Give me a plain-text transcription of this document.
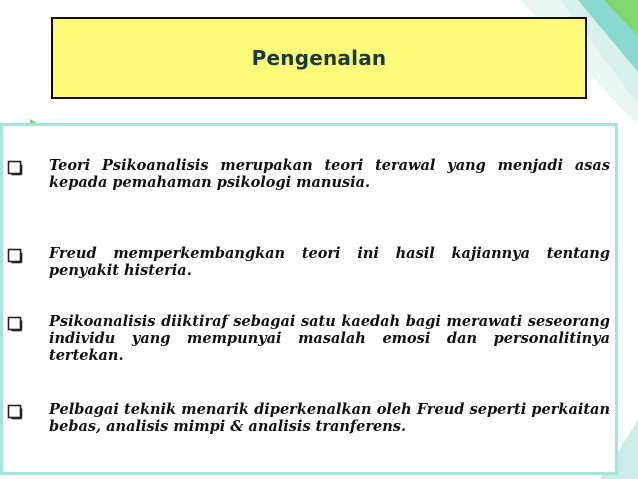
Pengenalan

Teori Psikoanalisis merupakan teori terawal yang menjadi asas kepada pemahaman psikologi manusia.

Freud memperkembangkan teori ini hasil kajiannya tentang penyakit histeria.

Psikoanalisis diiktiraf sebagai satu kaedah bagi merawati seseorang individu yang mempunyai masalah emosi dan personalitinya tertekan.

Pelbagai teknik menarik diperkenalkan oleh Freud seperti perkaitan bebas, analisis mimpi & analisis tranferens.
